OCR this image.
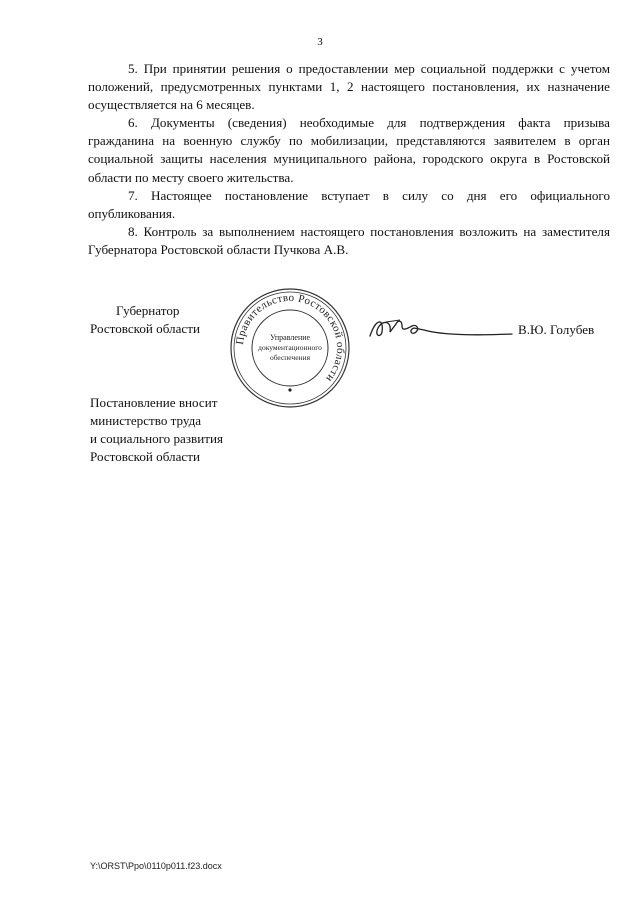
3

5. При принятии решения о предоставлении мер социальной поддержки с учетом положений, предусмотренных пунктами 1, 2 настоящего постановления, их назначение осуществляется на 6 месяцев.

6. Документы (сведения) необходимые для подтверждения факта призыва гражданина на военную службу по мобилизации, представляются заявителем в орган социальной защиты населения муниципального района, городского округа в Ростовской области по месту своего жительства.

7. Настоящее постановление вступает в силу со дня его официального опубликования.

8. Контроль за выполнением настоящего постановления возложить на заместителя Губернатора Ростовской области Пучкова А.В.

Губернатор
Ростовской области
Правительство Ростовской области
Управление
документационного
обеспечения
В.Ю. Голубев
Постановление вносит
министерство труда
и социального развития
Ростовской области
Y:\ORST\Ppo\0110p011.f23.docx
